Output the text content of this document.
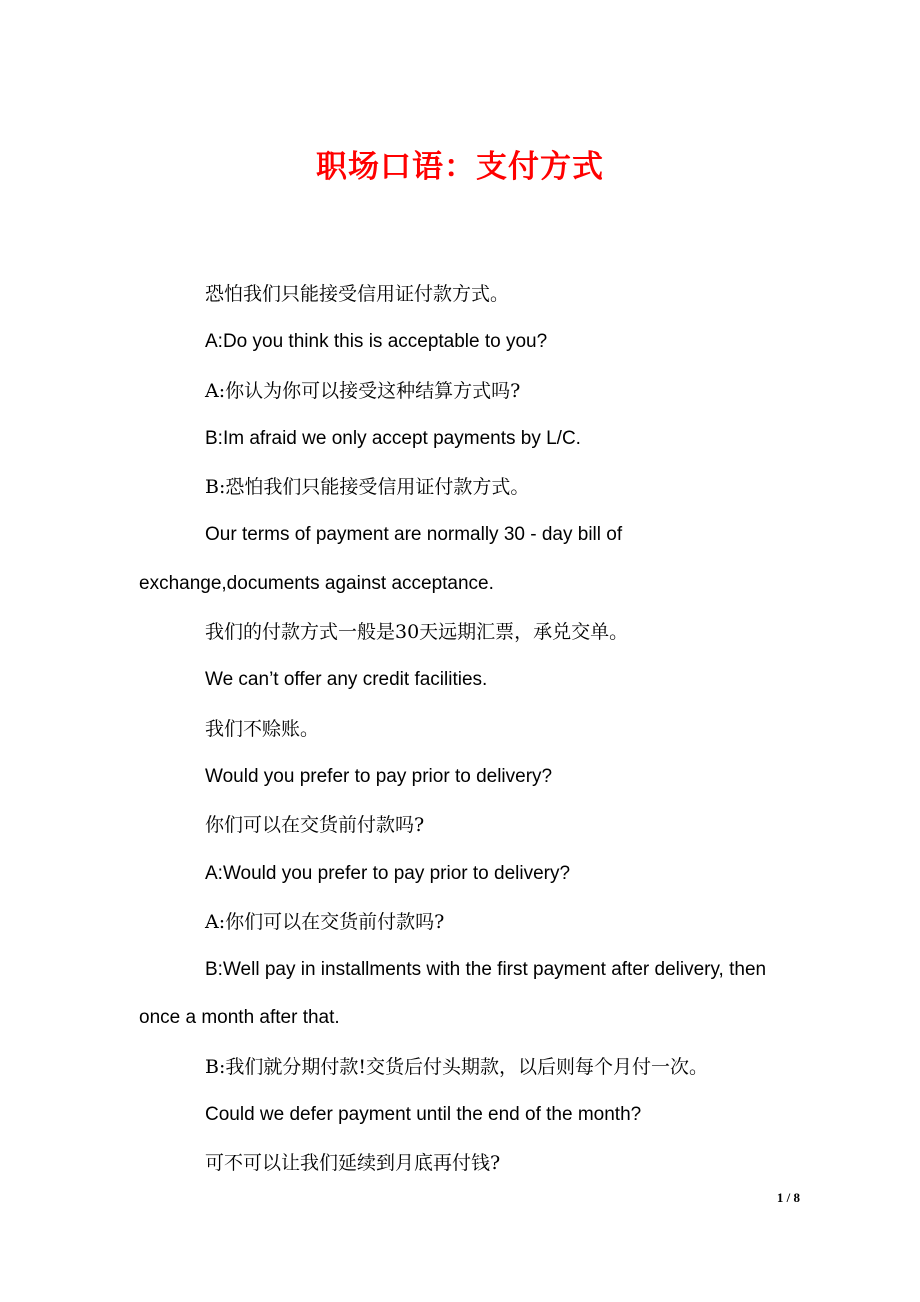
职场口语：支付方式

恐怕我们只能接受信用证付款方式。

A:Do you think this is acceptable to you?

A:你认为你可以接受这种结算方式吗?

B:Im afraid we only accept payments by L/C.

B:恐怕我们只能接受信用证付款方式。

Our terms of payment are normally 30 - day bill of exchange,documents against acceptance.

我们的付款方式一般是30天远期汇票，承兑交单。

We can’t offer any credit facilities.

我们不赊账。

Would you prefer to pay prior to delivery?

你们可以在交货前付款吗?

A:Would you prefer to pay prior to delivery?

A:你们可以在交货前付款吗?

B:Well pay in installments with the first payment after delivery, then once a month after that.

B:我们就分期付款!交货后付头期款，以后则每个月付一次。

Could we defer payment until the end of the month?

可不可以让我们延续到月底再付钱?

1 / 8
